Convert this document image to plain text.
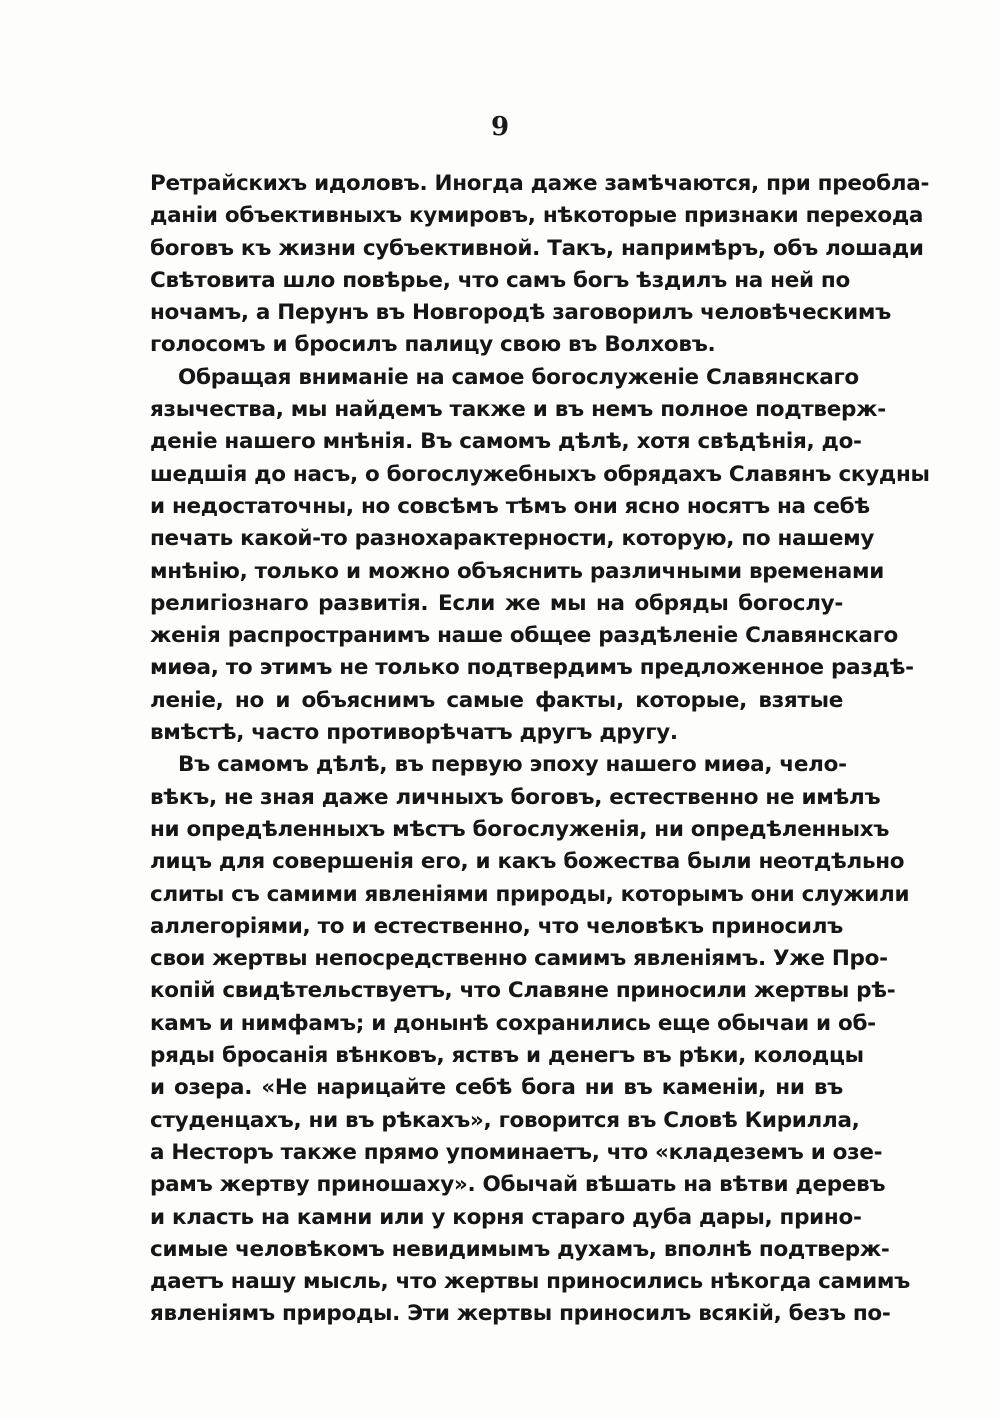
9
Ретрайскихъ идоловъ. Иногда даже замѣчаются, при преобла-
даніи объективныхъ кумировъ, нѣкоторые признаки перехода
боговъ къ жизни субъективной. Такъ, напримѣръ, объ лошади
Свѣтовита шло повѣрье, что самъ богъ ѣздилъ на ней по
ночамъ, а Перунъ въ Новгородѣ заговорилъ человѣческимъ
голосомъ и бросилъ палицу свою въ Волховъ.
Обращая вниманіе на самое богослуженіе Славянскаго
язычества, мы найдемъ также и въ немъ полное подтверж-
деніе нашего мнѣнія. Въ самомъ дѣлѣ, хотя свѣдѣнія, до-
шедшія до насъ, о богослужебныхъ обрядахъ Славянъ скудны
и недостаточны, но совсѣмъ тѣмъ они ясно носятъ на себѣ
печать какой-то разнохарактерности, которую, по нашему
мнѣнію, только и можно объяснить различными временами
религіознаго развитія. Если же мы на обряды богослу-
женія распространимъ наше общее раздѣленіе Славянскаго
миѳа, то этимъ не только подтвердимъ предложенное раздѣ-
леніе, но и объяснимъ самые факты, которые, взятые
вмѣстѣ, часто противорѣчатъ другъ другу.
Въ самомъ дѣлѣ, въ первую эпоху нашего миѳа, чело-
вѣкъ, не зная даже личныхъ боговъ, естественно не имѣлъ
ни опредѣленныхъ мѣстъ богослуженія, ни опредѣленныхъ
лицъ для совершенія его, и какъ божества были неотдѣльно
слиты съ самими явленіями природы, которымъ они служили
аллегоріями, то и естественно, что человѣкъ приносилъ
свои жертвы непосредственно самимъ явленіямъ. Уже Про-
копій свидѣтельствуетъ, что Славяне приносили жертвы рѣ-
камъ и нимфамъ; и донынѣ сохранились еще обычаи и об-
ряды бросанія вѣнковъ, яствъ и денегъ въ рѣки, колодцы
и озера. «Не нарицайте себѣ бога ни въ каменіи, ни въ
студенцахъ, ни въ рѣкахъ», говорится въ Словѣ Кирилла,
а Несторъ также прямо упоминаетъ, что «кладеземъ и озе-
рамъ жертву приношаху». Обычай вѣшать на вѣтви деревъ
и класть на камни или у корня стараго дуба дары, прино-
симые человѣкомъ невидимымъ духамъ, вполнѣ подтверж-
даетъ нашу мысль, что жертвы приносились нѣкогда самимъ
явленіямъ природы. Эти жертвы приносилъ всякій, безъ по-
